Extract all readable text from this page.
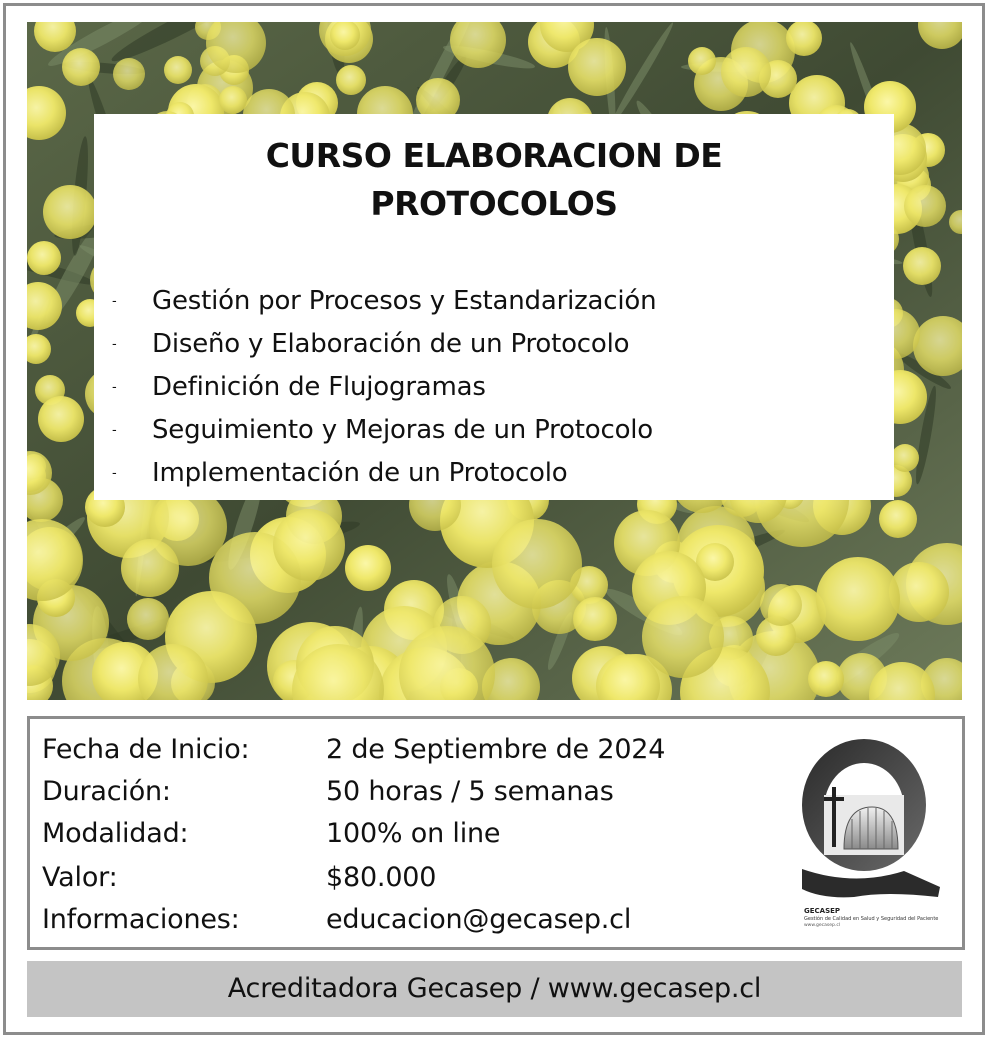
CURSO ELABORACION DE
PROTOCOLOS
- Gestión por Procesos y Estandarización
- Diseño y Elaboración de un Protocolo
- Definición de Flujogramas
- Seguimiento y Mejoras de un Protocolo
- Implementación de un Protocolo
Fecha de Inicio:	2 de Septiembre de 2024
Duración:	50 horas / 5 semanas
Modalidad:	100% on line
Valor:	$80.000
Informaciones:	educacion@gecasep.cl	GECASEP
Gestión de Calidad en Salud y Seguridad del Paciente
www.gecasep.cl
Acreditadora Gecasep / www.gecasep.cl
